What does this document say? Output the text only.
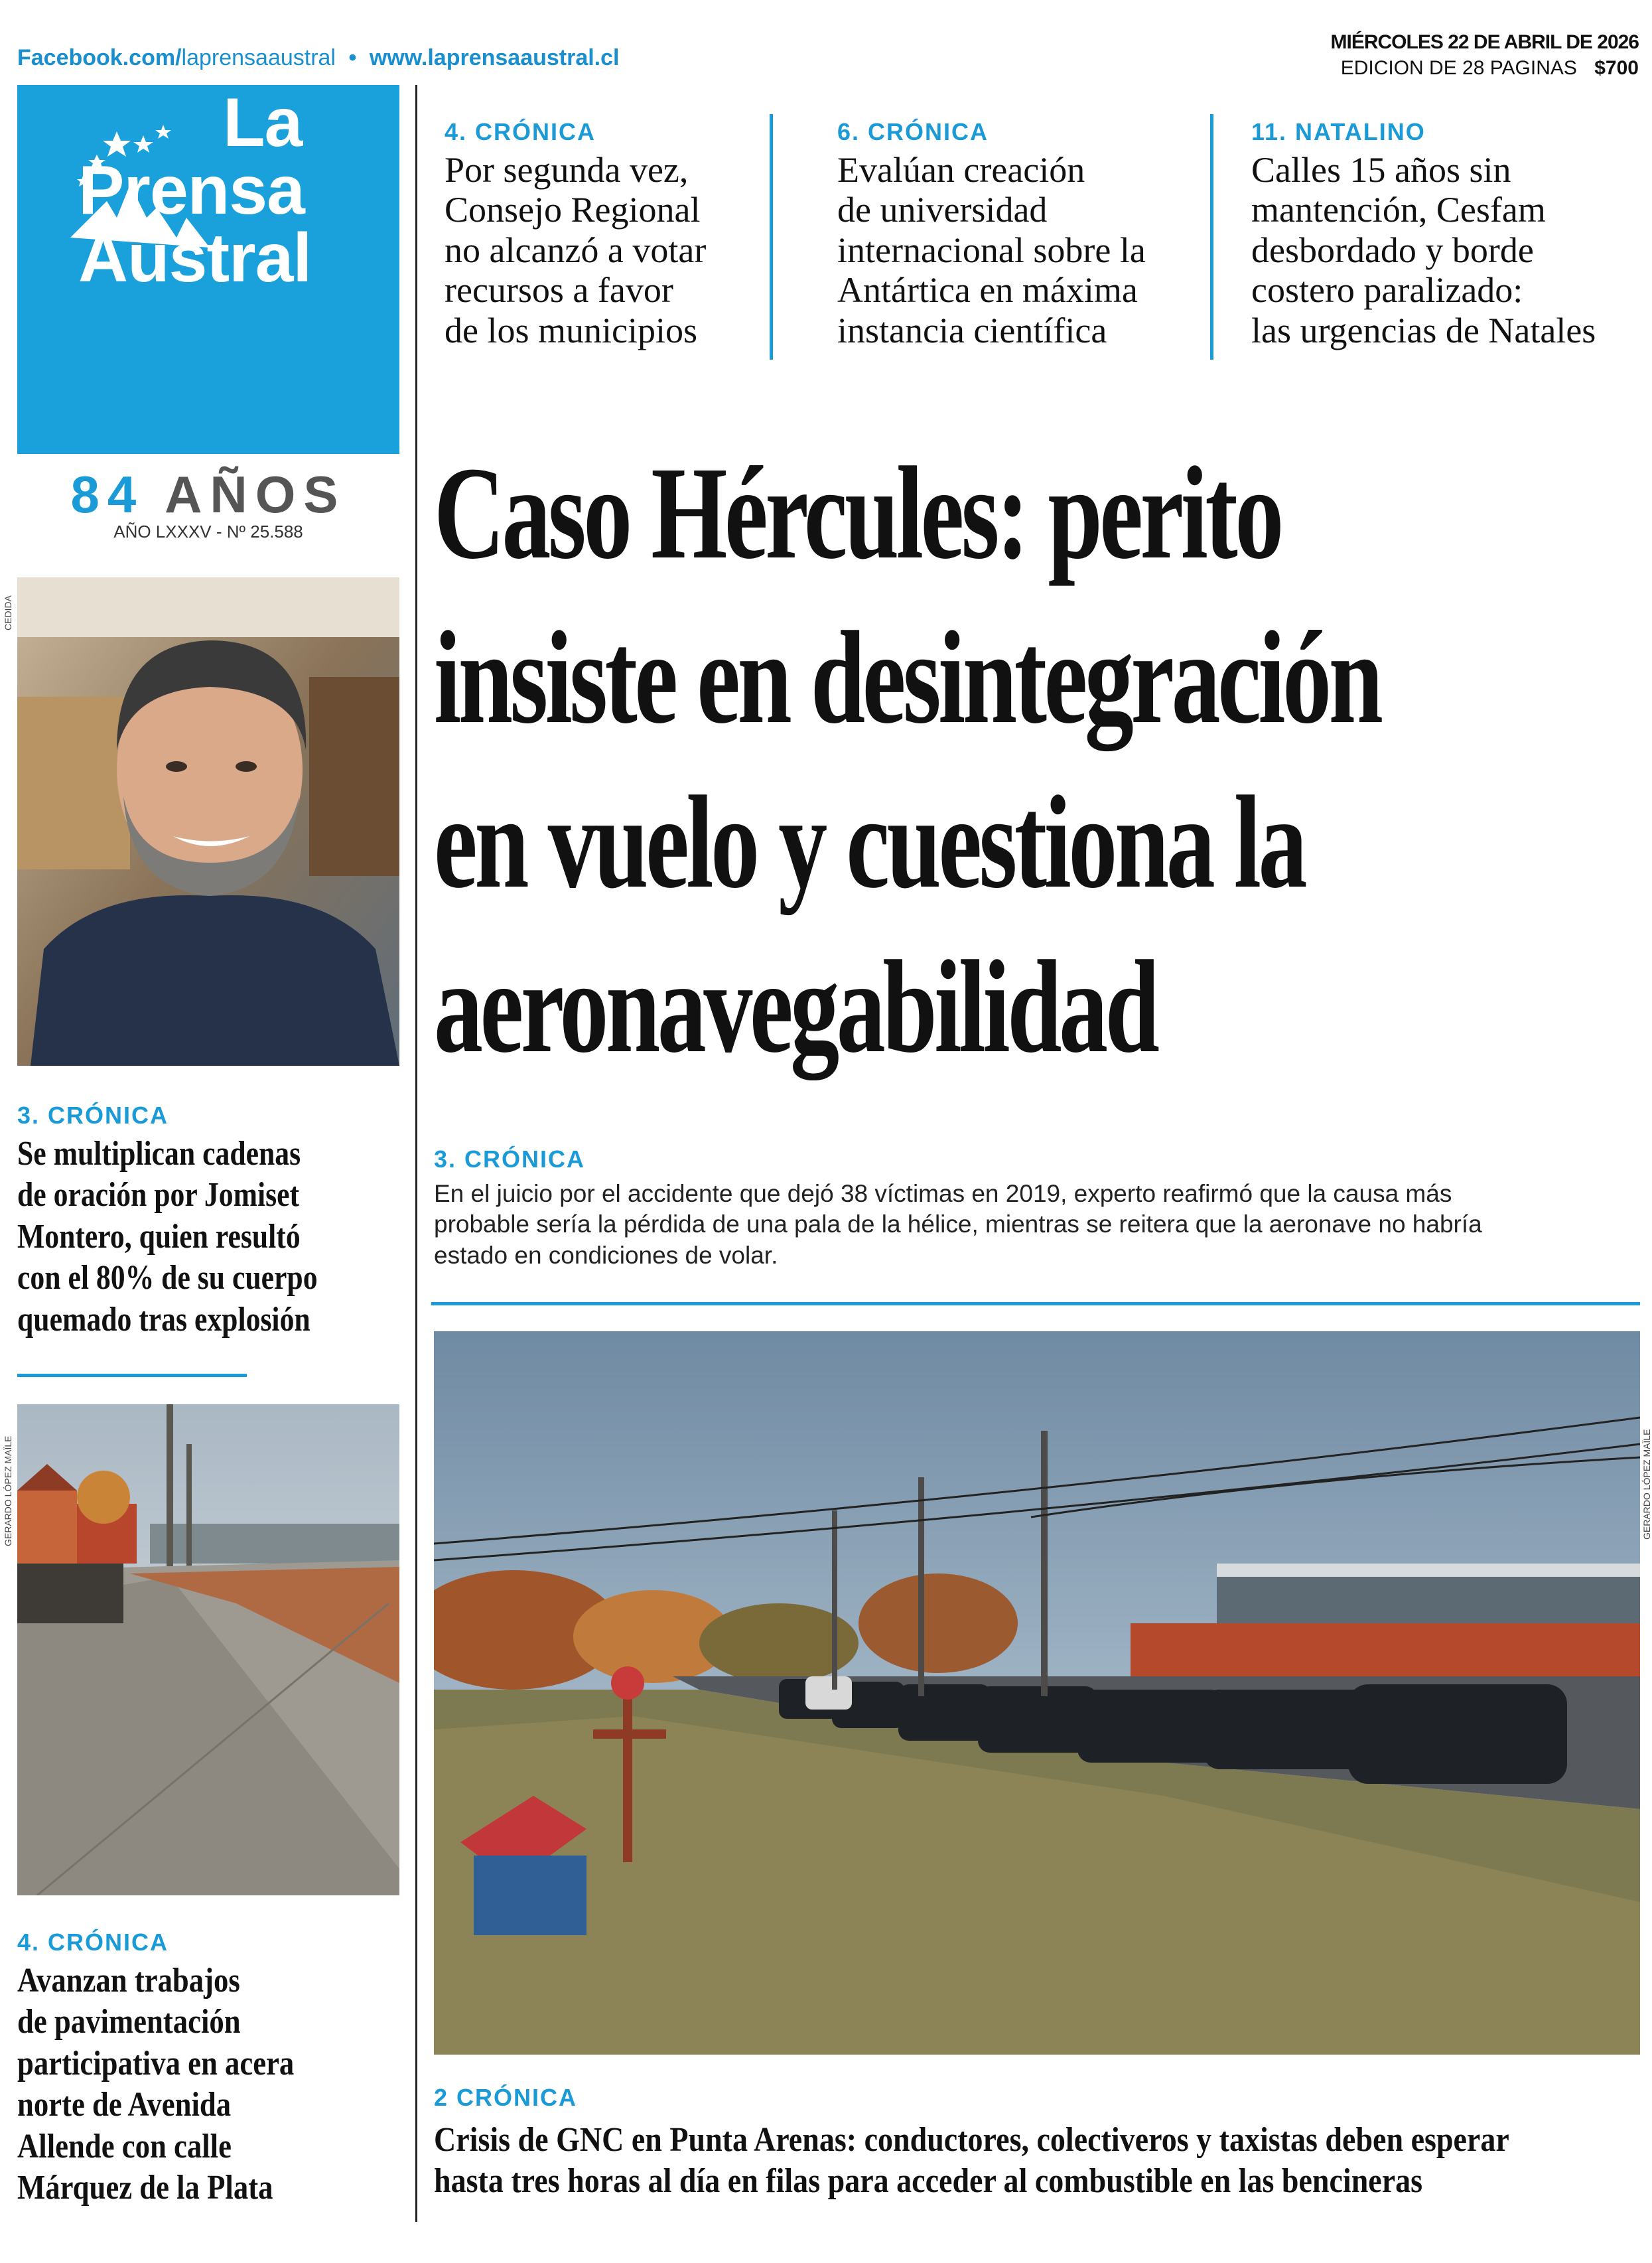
Facebook.com/laprensaaustral • www.laprensaaustral.cl
MIÉRCOLES 22 DE ABRIL DE 2026
EDICION DE 28 PAGINAS $700
La
Prensa
Austral
84 AÑOS
AÑO LXXXV - Nº 25.588
4. CRÓNICA
Por segunda vez,
Consejo Regional
no alcanzó a votar
recursos a favor
de los municipios
6. CRÓNICA
Evalúan creación
de universidad
internacional sobre la
Antártica en máxima
instancia científica
11. NATALINO
Calles 15 años sin
mantención, Cesfam
desbordado y borde
costero paralizado:
las urgencias de Natales
Caso Hércules: perito
insiste en desintegración
en vuelo y cuestiona la
aeronavegabilidad
3. CRÓNICA
En el juicio por el accidente que dejó 38 víctimas en 2019, experto reafirmó que la causa más
probable sería la pérdida de una pala de la hélice, mientras se reitera que la aeronave no habría
estado en condiciones de volar.
CEDIDA
3. CRÓNICA
Se multiplican cadenas
de oración por Jomiset
Montero, quien resultó
con el 80% de su cuerpo
quemado tras explosión
GERARDO LÓPEZ MAÏLE
4. CRÓNICA
Avanzan trabajos
de pavimentación
participativa en acera
norte de Avenida
Allende con calle
Márquez de la Plata
GERARDO LÓPEZ MAÏLE
2 CRÓNICA
Crisis de GNC en Punta Arenas: conductores, colectiveros y taxistas deben esperar
hasta tres horas al día en filas para acceder al combustible en las bencineras
